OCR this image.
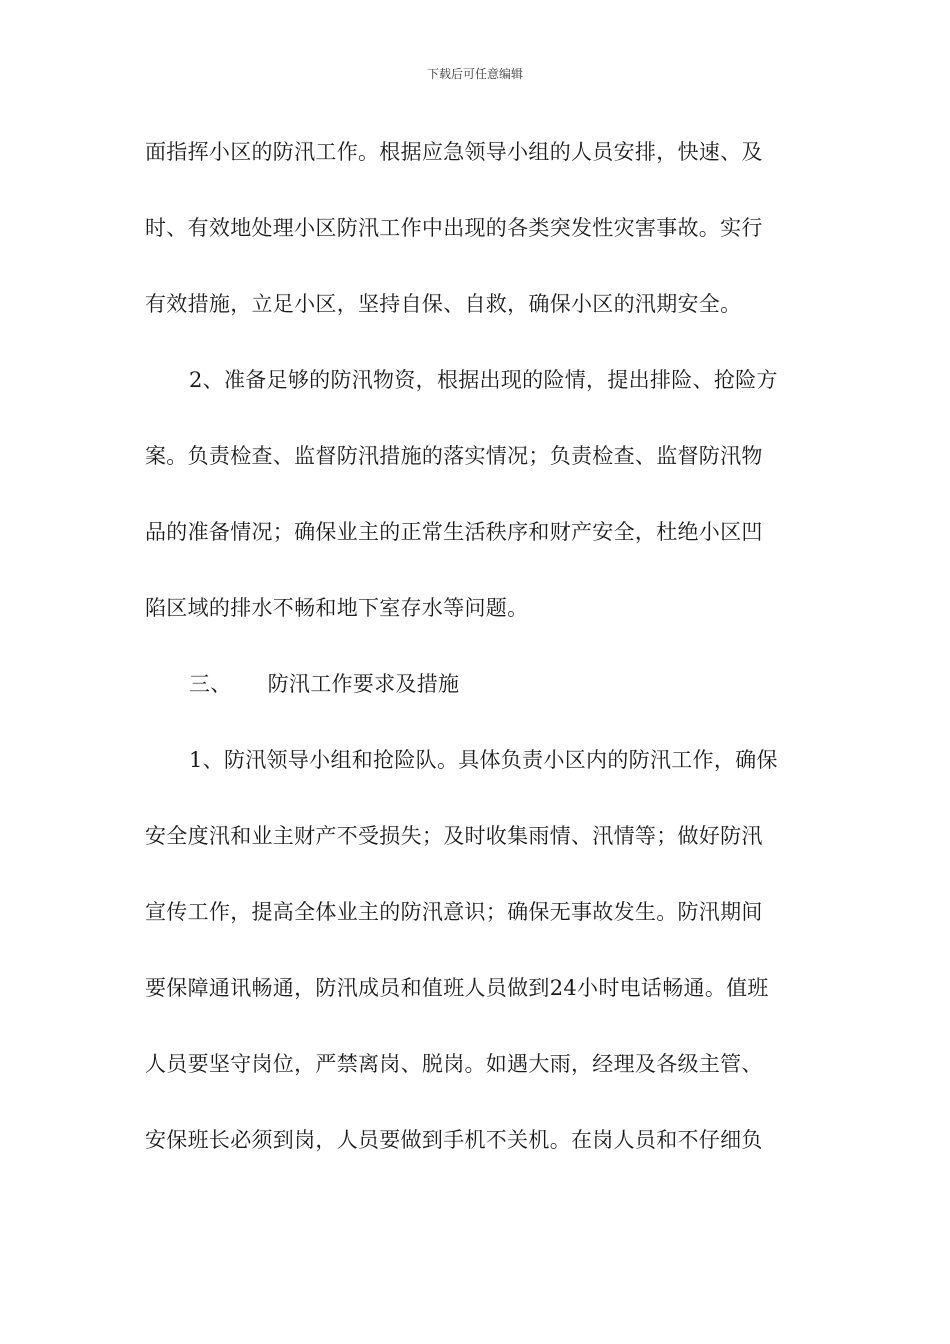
下载后可任意编辑
面指挥小区的防汛工作。根据应急领导小组的人员安排，快速、及
时、有效地处理小区防汛工作中出现的各类突发性灾害事故。实行
有效措施，立足小区，坚持自保、自救，确保小区的汛期安全。
2、准备足够的防汛物资，根据出现的险情，提出排险、抢险方
案。负责检查、监督防汛措施的落实情况；负责检查、监督防汛物
品的准备情况；确保业主的正常生活秩序和财产安全，杜绝小区凹
陷区域的排水不畅和地下室存水等问题。
三、 防汛工作要求及措施
1、防汛领导小组和抢险队。具体负责小区内的防汛工作，确保
安全度汛和业主财产不受损失；及时收集雨情、汛情等；做好防汛
宣传工作，提高全体业主的防汛意识；确保无事故发生。防汛期间
要保障通讯畅通，防汛成员和值班人员做到24小时电话畅通。值班
人员要坚守岗位，严禁离岗、脱岗。如遇大雨，经理及各级主管、
安保班长必须到岗，人员要做到手机不关机。在岗人员和不仔细负
